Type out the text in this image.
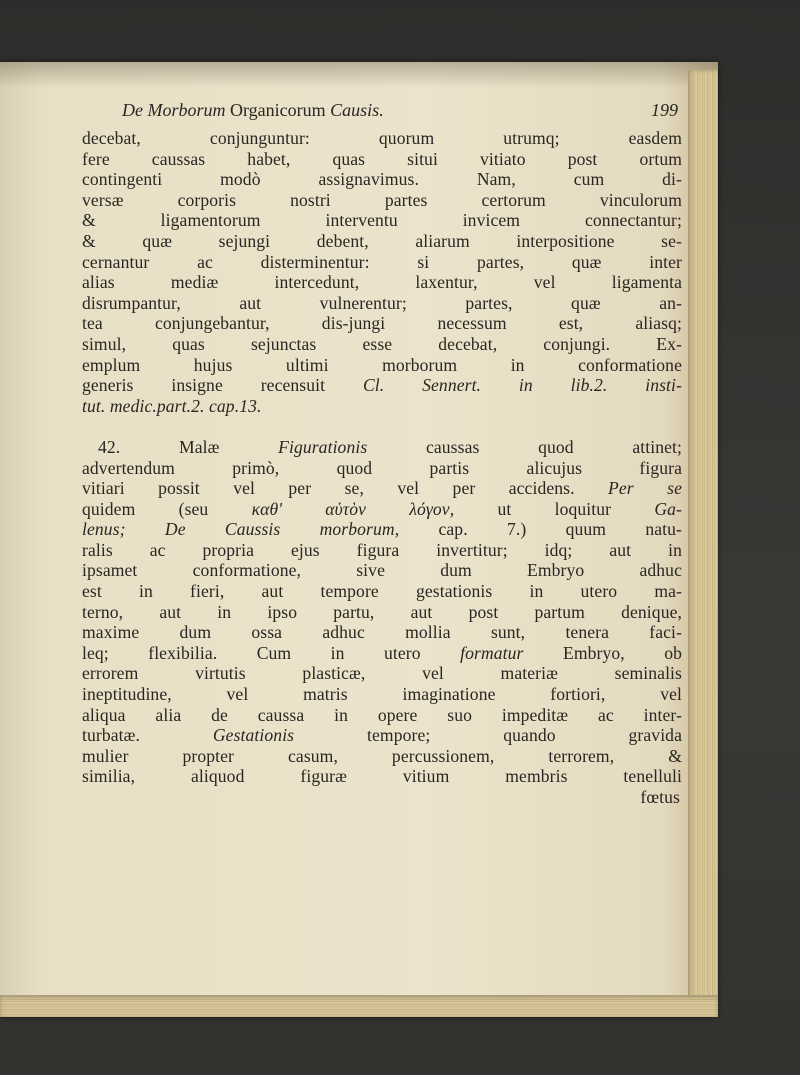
De Morborum Organicorum Causis.	199
decebat, conjunguntur: quorum utrumq; easdem
fere caussas habet, quas situi vitiato post ortum
contingenti modò assignavimus. Nam, cum di-
versæ corporis nostri partes certorum vinculorum
& ligamentorum interventu invicem connectantur;
& quæ sejungi debent, aliarum interpositione se-
cernantur ac disterminentur: si partes, quæ inter
alias mediæ intercedunt, laxentur, vel ligamenta
disrumpantur, aut vulnerentur; partes, quæ an-
tea conjungebantur, dis-jungi necessum est, aliasq;
simul, quas sejunctas esse decebat, conjungi. Ex-
emplum hujus ultimi morborum in conformatione
generis insigne recensuit Cl. Sennert. in lib.2. insti-
tut. medic.part.2. cap.13.
42. Malæ	Figurationis	caussas quod attinet;
advertendum primò, quod partis alicujus figura
vitiari possit vel per se, vel per accidens. Per se
quidem (seu καθ' αὑτὸν λόγον, ut loquitur Ga-
lenus; De Caussis morborum, cap. 7.) quum natu-
ralis ac propria ejus figura invertitur; idq; aut in
ipsamet conformatione, sive dum Embryo adhuc
est in fieri, aut tempore gestationis in utero ma-
terno, aut in ipso partu, aut post partum denique,
maxime dum ossa adhuc mollia sunt, tenera faci-
leq; flexibilia. Cum in utero formatur Embryo, ob
errorem virtutis plasticæ, vel materiæ seminalis
ineptitudine, vel matris imaginatione fortiori, vel
aliqua alia de caussa in opere suo impeditæ ac inter-
turbatæ.	Gestationis	tempore; quando gravida
mulier propter casum, percussionem, terrorem, &
similia, aliquod figuræ vitium membris tenelluli
fœtus
